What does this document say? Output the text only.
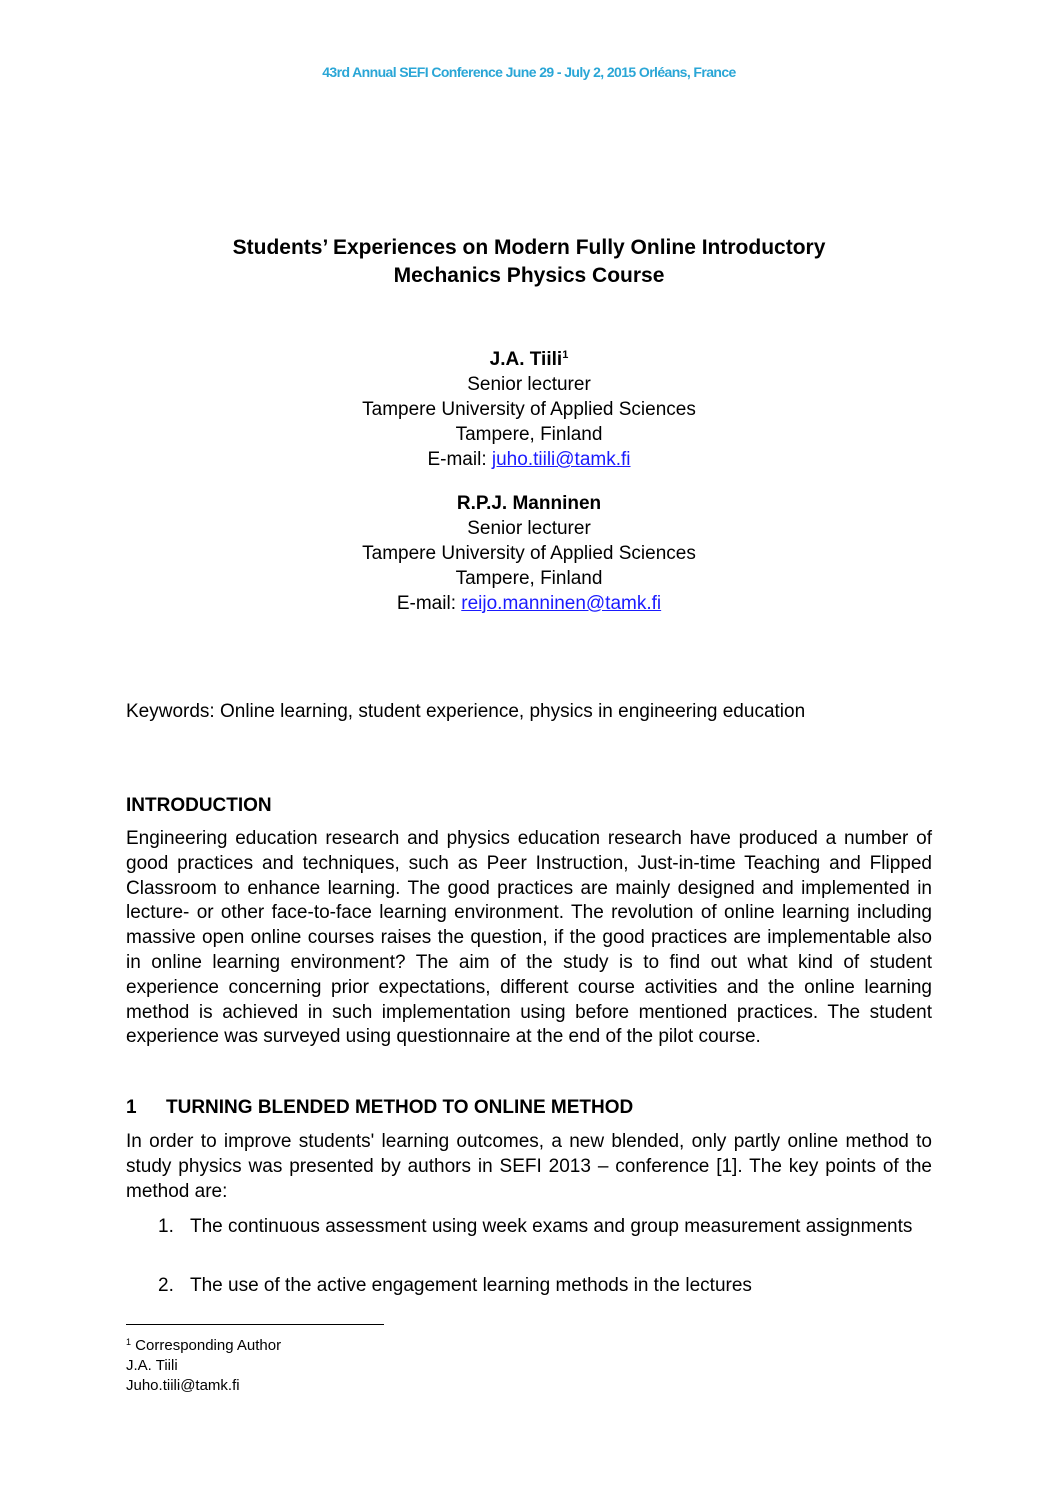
43rd Annual SEFI Conference June 29 - July 2, 2015 Orléans, France
Students’ Experiences on Modern Fully Online Introductory
Mechanics Physics Course
J.A. Tiili$^1$
Senior lecturer
Tampere University of Applied Sciences
Tampere, Finland
E-mail: juho.tiili@tamk.fi
R.P.J. Manninen
Senior lecturer
Tampere University of Applied Sciences
Tampere, Finland
E-mail: reijo.manninen@tamk.fi
Keywords: Online learning, student experience, physics in engineering education
INTRODUCTION

Engineering education research and physics education research have produced a number of good practices and techniques, such as Peer Instruction, Just-in-time Teaching and Flipped Classroom to enhance learning. The good practices are mainly designed and implemented in lecture- or other face-to-face learning environment. The revolution of online learning including massive open online courses raises the question, if the good practices are implementable also in online learning environment? The aim of the study is to find out what kind of student experience concerning prior expectations, different course activities and the online learning method is achieved in such implementation using before mentioned practices. The student experience was surveyed using questionnaire at the end of the pilot course.

1 TURNING BLENDED METHOD TO ONLINE METHOD

In order to improve students' learning outcomes, a new blended, only partly online method to study physics was presented by authors in SEFI 2013 – conference [1]. The key points of the method are:

1. The continuous assessment using week exams and group measurement assignments
2. The use of the active engagement learning methods in the lectures
$^1$ Corresponding Author
J.A. Tiili
Juho.tiili@tamk.fi
